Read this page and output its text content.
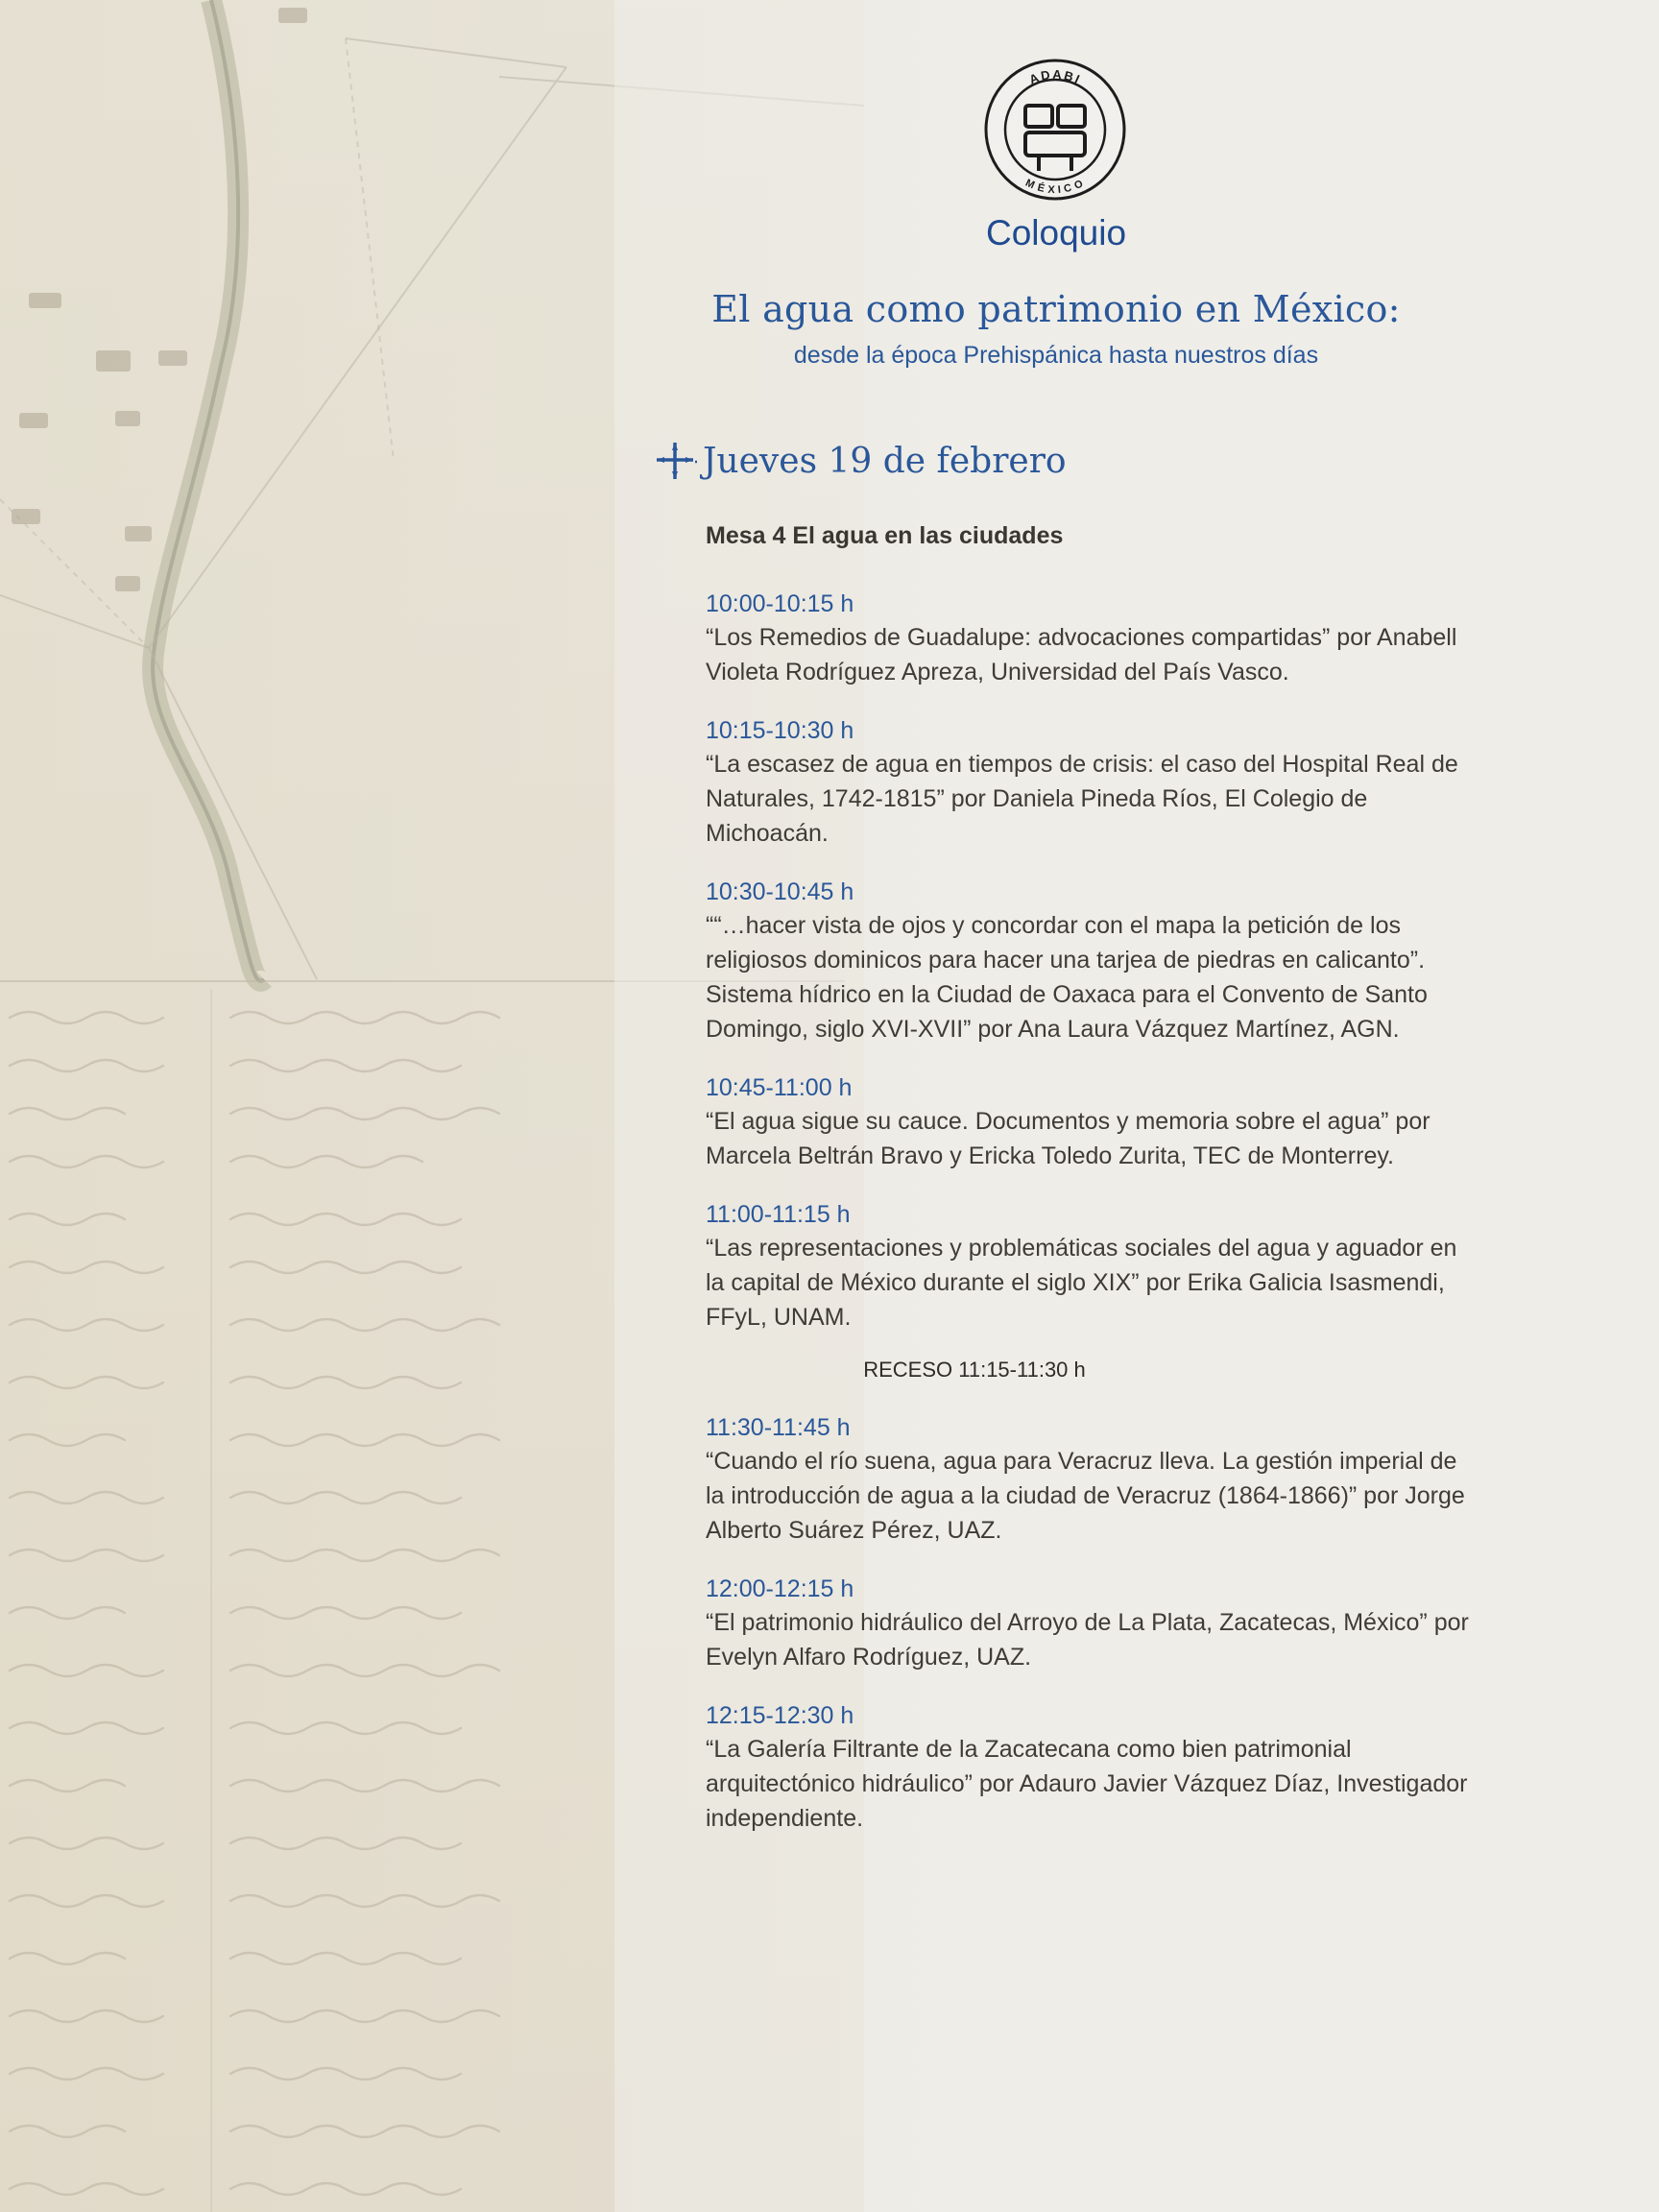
ADABI
MÉXICO
Coloquio
El agua como patrimonio en México:
desde la época Prehispánica hasta nuestros días
Jueves 19 de febrero
Mesa 4 El agua en las ciudades
10:00-10:15 h
“Los Remedios de Guadalupe: advocaciones compartidas” por Anabell Violeta Rodríguez Apreza, Universidad del País Vasco.
10:15-10:30 h
“La escasez de agua en tiempos de crisis: el caso del Hospital Real de Naturales, 1742-1815” por Daniela Pineda Ríos, El Colegio de Michoacán.
10:30-10:45 h
““…hacer vista de ojos y concordar con el mapa la petición de los religiosos dominicos para hacer una tarjea de piedras en calicanto”. Sistema hídrico en la Ciudad de Oaxaca para el Convento de Santo Domingo, siglo XVI-XVII” por Ana Laura Vázquez Martínez, AGN.
10:45-11:00 h
“El agua sigue su cauce. Documentos y memoria sobre el agua” por Marcela Beltrán Bravo y Ericka Toledo Zurita, TEC de Monterrey.
11:00-11:15 h
“Las representaciones y problemáticas sociales del agua y aguador en la capital de México durante el siglo XIX” por Erika Galicia Isasmendi, FFyL, UNAM.
RECESO 11:15-11:30 h
11:30-11:45 h
“Cuando el río suena, agua para Veracruz lleva. La gestión imperial de la introducción de agua a la ciudad de Veracruz (1864-1866)” por Jorge Alberto Suárez Pérez, UAZ.
12:00-12:15 h
“El patrimonio hidráulico del Arroyo de La Plata, Zacatecas, México” por Evelyn Alfaro Rodríguez, UAZ.
12:15-12:30 h
“La Galería Filtrante de la Zacatecana como bien patrimonial arquitectónico hidráulico” por Adauro Javier Vázquez Díaz, Investigador independiente.
